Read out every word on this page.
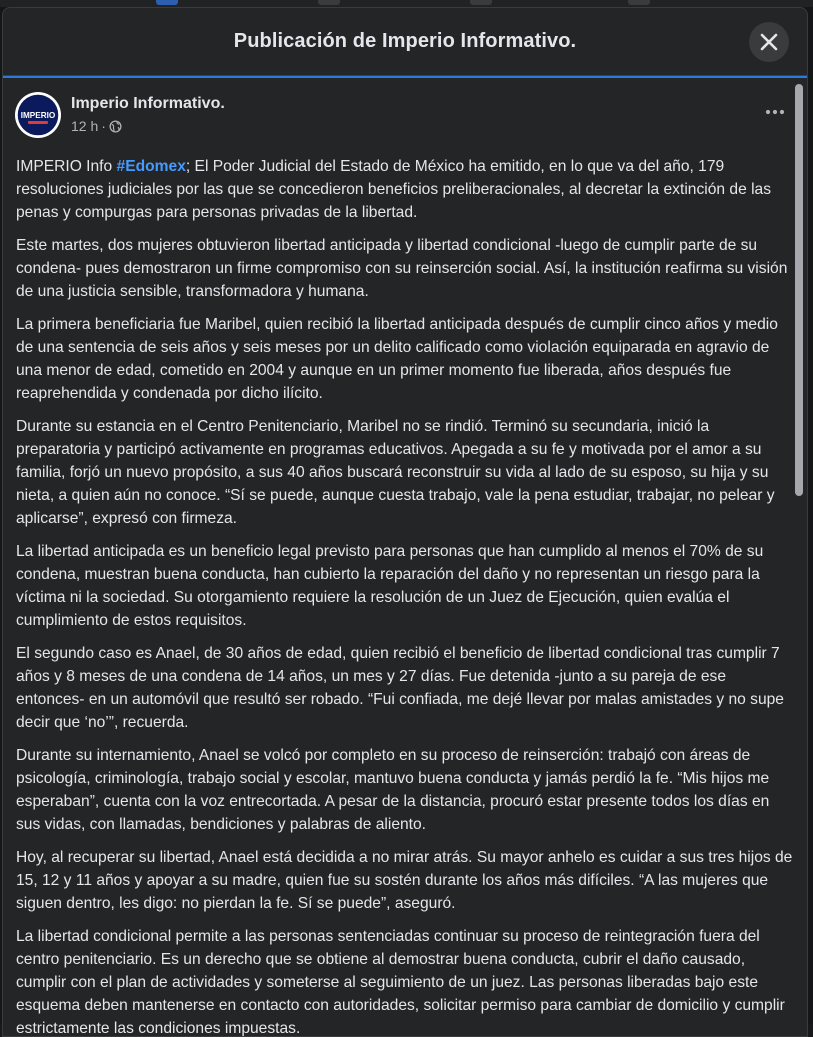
Publicación de Imperio Informativo.
IMPERIO
Imperio Informativo.
12 h ·

IMPERIO Info #Edomex; El Poder Judicial del Estado de México ha emitido, en lo que va del año, 179 resoluciones judiciales por las que se concedieron beneficios preliberacionales, al decretar la extinción de las penas y compurgas para personas privadas de la libertad.

Este martes, dos mujeres obtuvieron libertad anticipada y libertad condicional -luego de cumplir parte de su condena- pues demostraron un firme compromiso con su reinserción social. Así, la institución reafirma su visión de una justicia sensible, transformadora y humana.

La primera beneficiaria fue Maribel, quien recibió la libertad anticipada después de cumplir cinco años y medio de una sentencia de seis años y seis meses por un delito calificado como violación equiparada en agravio de una menor de edad, cometido en 2004 y aunque en un primer momento fue liberada, años después fue reaprehendida y condenada por dicho ilícito.

Durante su estancia en el Centro Penitenciario, Maribel no se rindió. Terminó su secundaria, inició la preparatoria y participó activamente en programas educativos. Apegada a su fe y motivada por el amor a su familia, forjó un nuevo propósito, a sus 40 años buscará reconstruir su vida al lado de su esposo, su hija y su nieta, a quien aún no conoce. “Sí se puede, aunque cuesta trabajo, vale la pena estudiar, trabajar, no pelear y aplicarse”, expresó con firmeza.

La libertad anticipada es un beneficio legal previsto para personas que han cumplido al menos el 70% de su condena, muestran buena conducta, han cubierto la reparación del daño y no representan un riesgo para la víctima ni la sociedad. Su otorgamiento requiere la resolución de un Juez de Ejecución, quien evalúa el cumplimiento de estos requisitos.

El segundo caso es Anael, de 30 años de edad, quien recibió el beneficio de libertad condicional tras cumplir 7 años y 8 meses de una condena de 14 años, un mes y 27 días. Fue detenida -junto a su pareja de ese entonces- en un automóvil que resultó ser robado. “Fui confiada, me dejé llevar por malas amistades y no supe decir que ‘no’”, recuerda.

Durante su internamiento, Anael se volcó por completo en su proceso de reinserción: trabajó con áreas de psicología, criminología, trabajo social y escolar, mantuvo buena conducta y jamás perdió la fe. “Mis hijos me esperaban”, cuenta con la voz entrecortada. A pesar de la distancia, procuró estar presente todos los días en sus vidas, con llamadas, bendiciones y palabras de aliento.

Hoy, al recuperar su libertad, Anael está decidida a no mirar atrás. Su mayor anhelo es cuidar a sus tres hijos de 15, 12 y 11 años y apoyar a su madre, quien fue su sostén durante los años más difíciles. “A las mujeres que siguen dentro, les digo: no pierdan la fe. Sí se puede”, aseguró.

La libertad condicional permite a las personas sentenciadas continuar su proceso de reintegración fuera del centro penitenciario. Es un derecho que se obtiene al demostrar buena conducta, cubrir el daño causado, cumplir con el plan de actividades y someterse al seguimiento de un juez. Las personas liberadas bajo este esquema deben mantenerse en contacto con autoridades, solicitar permiso para cambiar de domicilio y cumplir estrictamente las condiciones impuestas.
